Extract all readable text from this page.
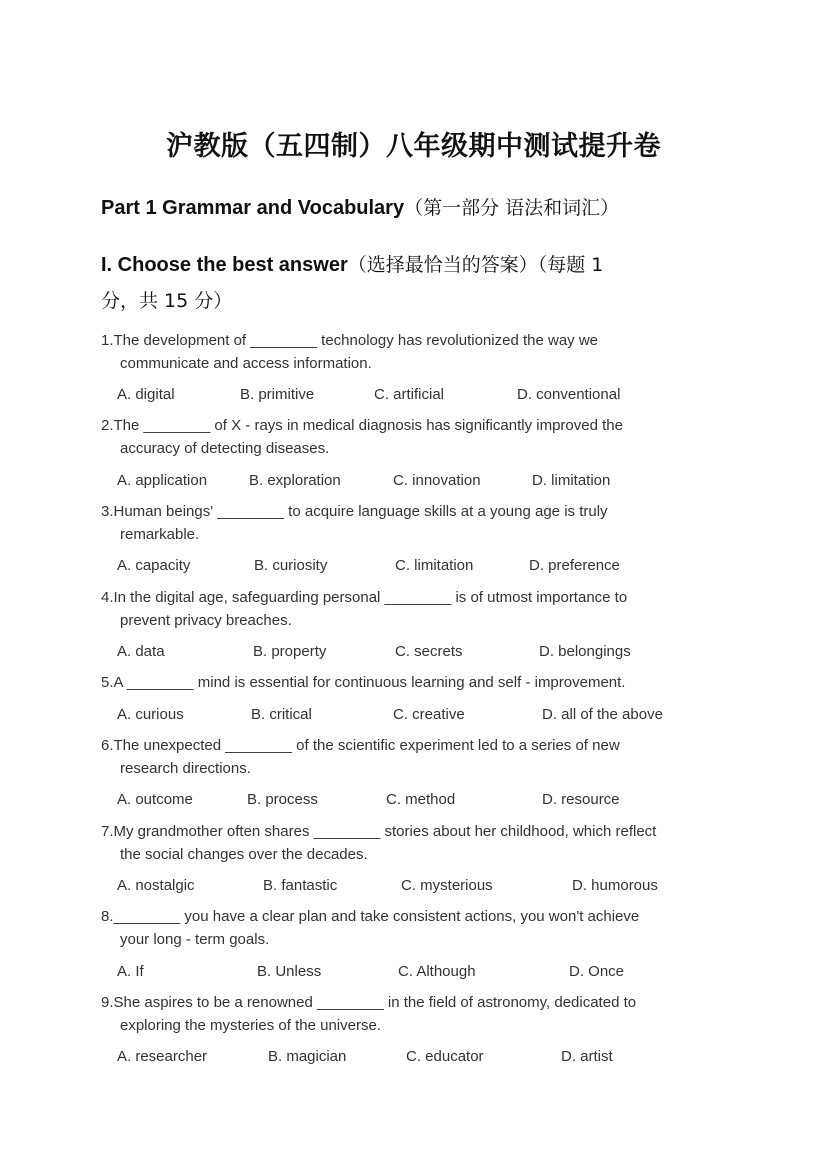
沪教版（五四制）八年级期中测试提升卷
Part 1 Grammar and Vocabulary（第一部分 语法和词汇）
I. Choose the best answer（选择最恰当的答案）（每题 1
分，共 15 分）
1.The development of ________ technology has revolutionized the way we
communicate and access information.
A. digital	B. primitive	C. artificial	D. conventional
2.The ________ of X - rays in medical diagnosis has significantly improved the
accuracy of detecting diseases.
A. application	B. exploration	C. innovation	D. limitation
3.Human beings' ________ to acquire language skills at a young age is truly
remarkable.
A. capacity	B. curiosity	C. limitation	D. preference
4.In the digital age, safeguarding personal ________ is of utmost importance to
prevent privacy breaches.
A. data	B. property	C. secrets	D. belongings
5.A ________ mind is essential for continuous learning and self - improvement.
A. curious	B. critical	C. creative	D. all of the above
6.The unexpected ________ of the scientific experiment led to a series of new
research directions.
A. outcome	B. process	C. method	D. resource
7.My grandmother often shares ________ stories about her childhood, which reflect
the social changes over the decades.
A. nostalgic	B. fantastic	C. mysterious	D. humorous
8.________ you have a clear plan and take consistent actions, you won't achieve
your long - term goals.
A. If	B. Unless	C. Although	D. Once
9.She aspires to be a renowned ________ in the field of astronomy, dedicated to
exploring the mysteries of the universe.
A. researcher	B. magician	C. educator	D. artist
